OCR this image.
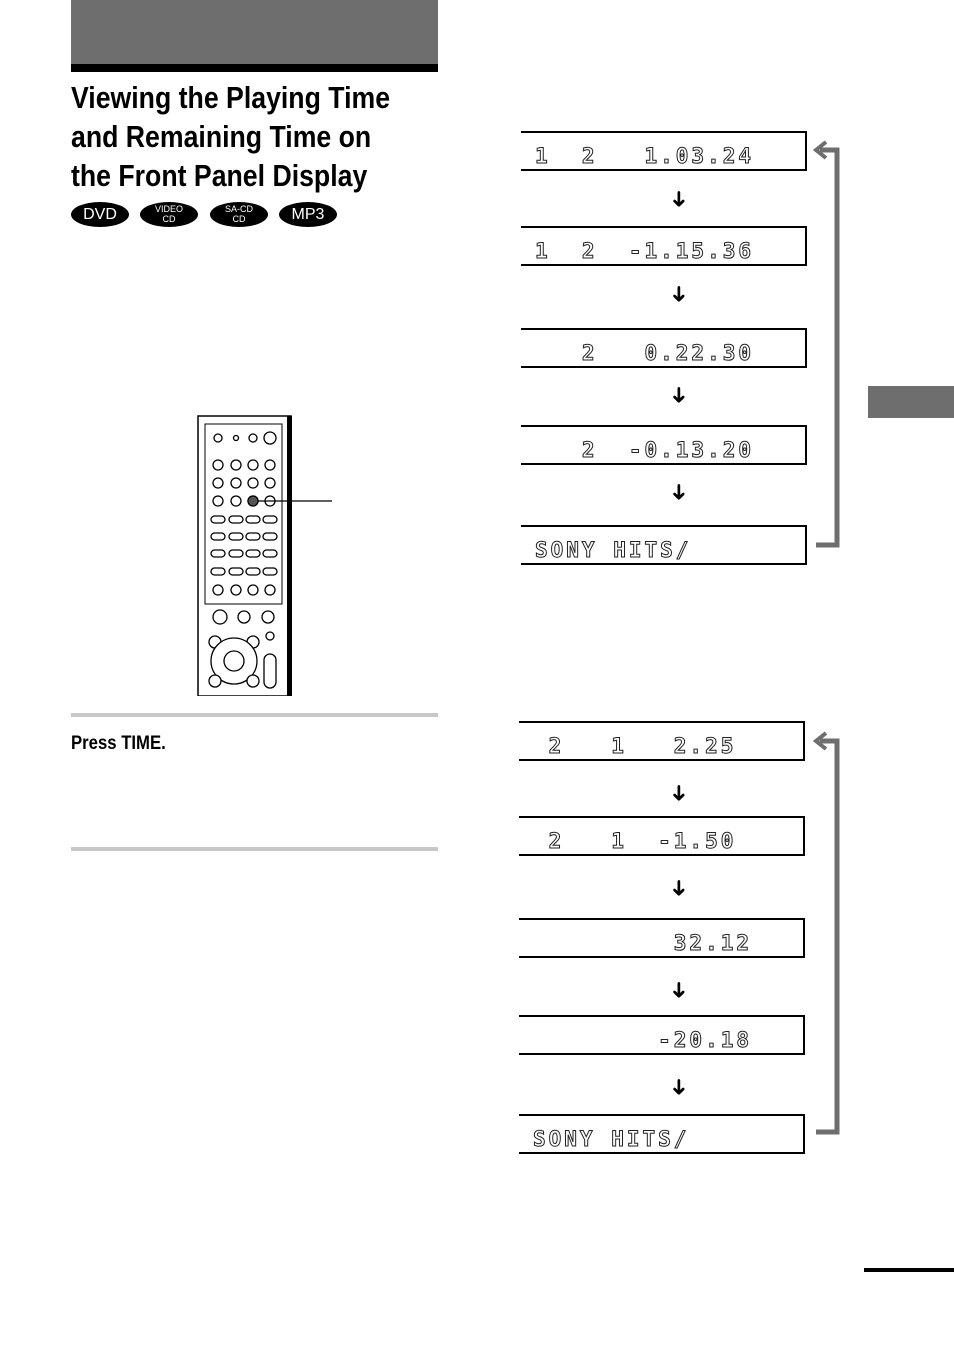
Viewing the Playing Time
and Remaining Time on
the Front Panel Display
DVD	VIDEO
CD
SA-CD
CD	MP3
Press TIME.
1  2   1.03.24
➜
1  2  -1.15.36
➜
2   0.22.30
➜
2  -0.13.20
➜
SONY HITS/
2   1   2.25
➜
2   1  -1.50
➜
32.12
➜
-20.18
➜
SONY HITS/
